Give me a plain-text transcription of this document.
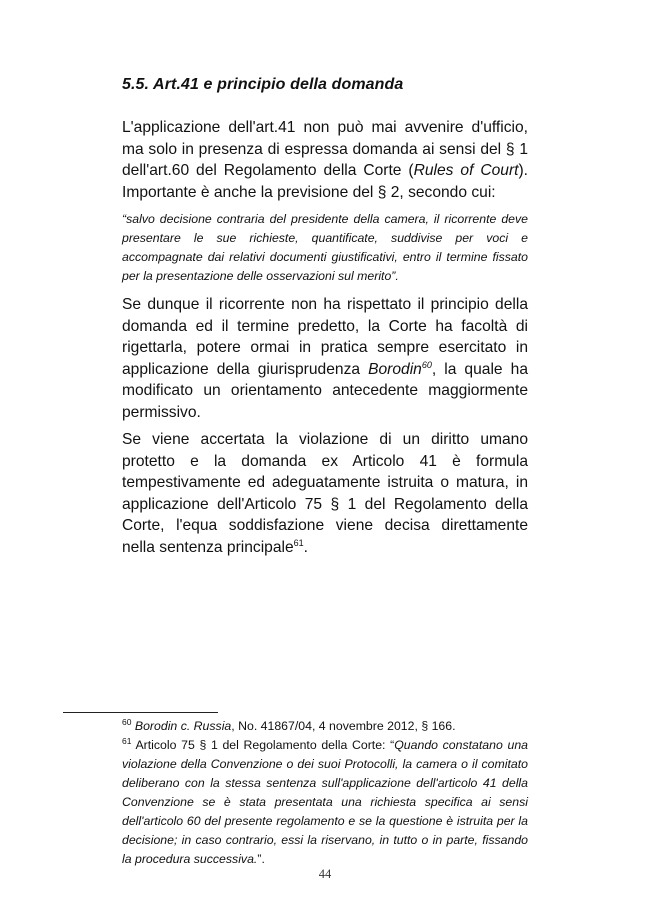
5.5. Art.41 e principio della domanda
L'applicazione dell'art.41 non può mai avvenire d'ufficio, ma solo in presenza di espressa domanda ai sensi del § 1 dell'art.60 del Regolamento della Corte (Rules of Court). Importante è anche la previsione del § 2, secondo cui:
“salvo decisione contraria del presidente della camera, il ricorrente deve presentare le sue richieste, quantificate, suddivise per voci e accompagnate dai relativi documenti giustificativi, entro il termine fissato per la presentazione delle osservazioni sul merito”.
Se dunque il ricorrente non ha rispettato il principio della domanda ed il termine predetto, la Corte ha facoltà di rigettarla, potere ormai in pratica sempre esercitato in applicazione della giurisprudenza Borodin$^{60}$, la quale ha modificato un orientamento antecedente maggiormente permissivo.
Se viene accertata la violazione di un diritto umano protetto e la domanda ex Articolo 41 è formula tempestivamente ed adeguatamente istruita o matura, in applicazione dell'Articolo 75 § 1 del Regolamento della Corte, l'equa soddisfazione viene decisa direttamente nella sentenza principale$^{61}$.
$^{60}$ Borodin c. Russia, No. 41867/04, 4 novembre 2012, § 166.
$^{61}$ Articolo 75 § 1 del Regolamento della Corte: “Quando constatano una violazione della Convenzione o dei suoi Protocolli, la camera o il comitato deliberano con la stessa sentenza sull'applicazione dell'articolo 41 della Convenzione se è stata presentata una richiesta specifica ai sensi dell'articolo 60 del presente regolamento e se la questione è istruita per la decisione; in caso contrario, essi la riservano, in tutto o in parte, fissando la procedura successiva.”.
44
